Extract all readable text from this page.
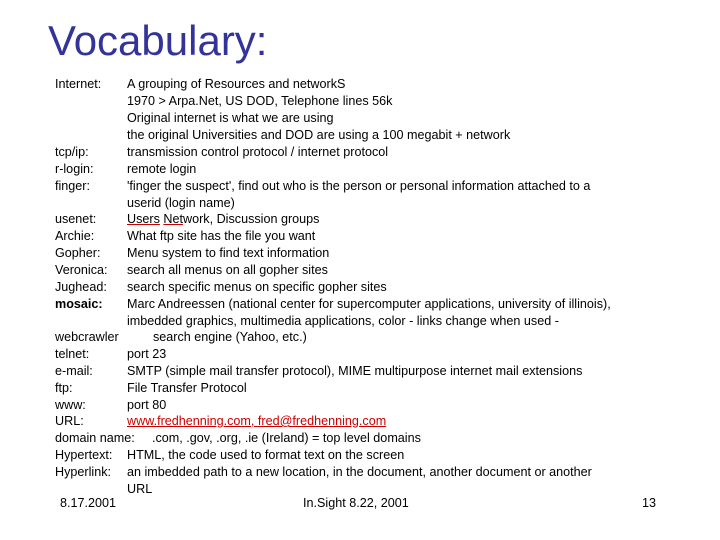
Vocabulary:
Internet: A grouping of Resources and networkS
1970 > Arpa.Net, US DOD, Telephone lines 56k
Original internet is what we are using
the original Universities and DOD are using a 100 megabit + network
tcp/ip:	transmission control protocol / internet protocol
r-login:	remote login
finger:	'finger the suspect', find out who is the person or personal information attached to a
userid (login name)
usenet: Users Network, Discussion groups
Archie:	What ftp site has the file you want
Gopher: Menu system to find text information
Veronica: search all menus on all gopher sites
Jughead: search specific menus on specific gopher sites
mosaic: Marc Andreessen (national center for supercomputer applications, university of illinois),
imbedded graphics, multimedia applications, color - links change when used -
webcrawler	search engine (Yahoo, etc.)
telnet:	port 23
e-mail:	SMTP (simple mail transfer protocol), MIME multipurpose internet mail extensions
ftp:	File Transfer Protocol
www:	port 80
URL:	www.fredhenning.com, fred@fredhenning.com
domain name: .com, .gov, .org, .ie (Ireland) = top level domains
Hypertext: HTML, the code used to format text on the screen
Hyperlink: an imbedded path to a new location, in the document, another document or another
URL
8.17.2001	In.Sight 8.22, 2001	13
